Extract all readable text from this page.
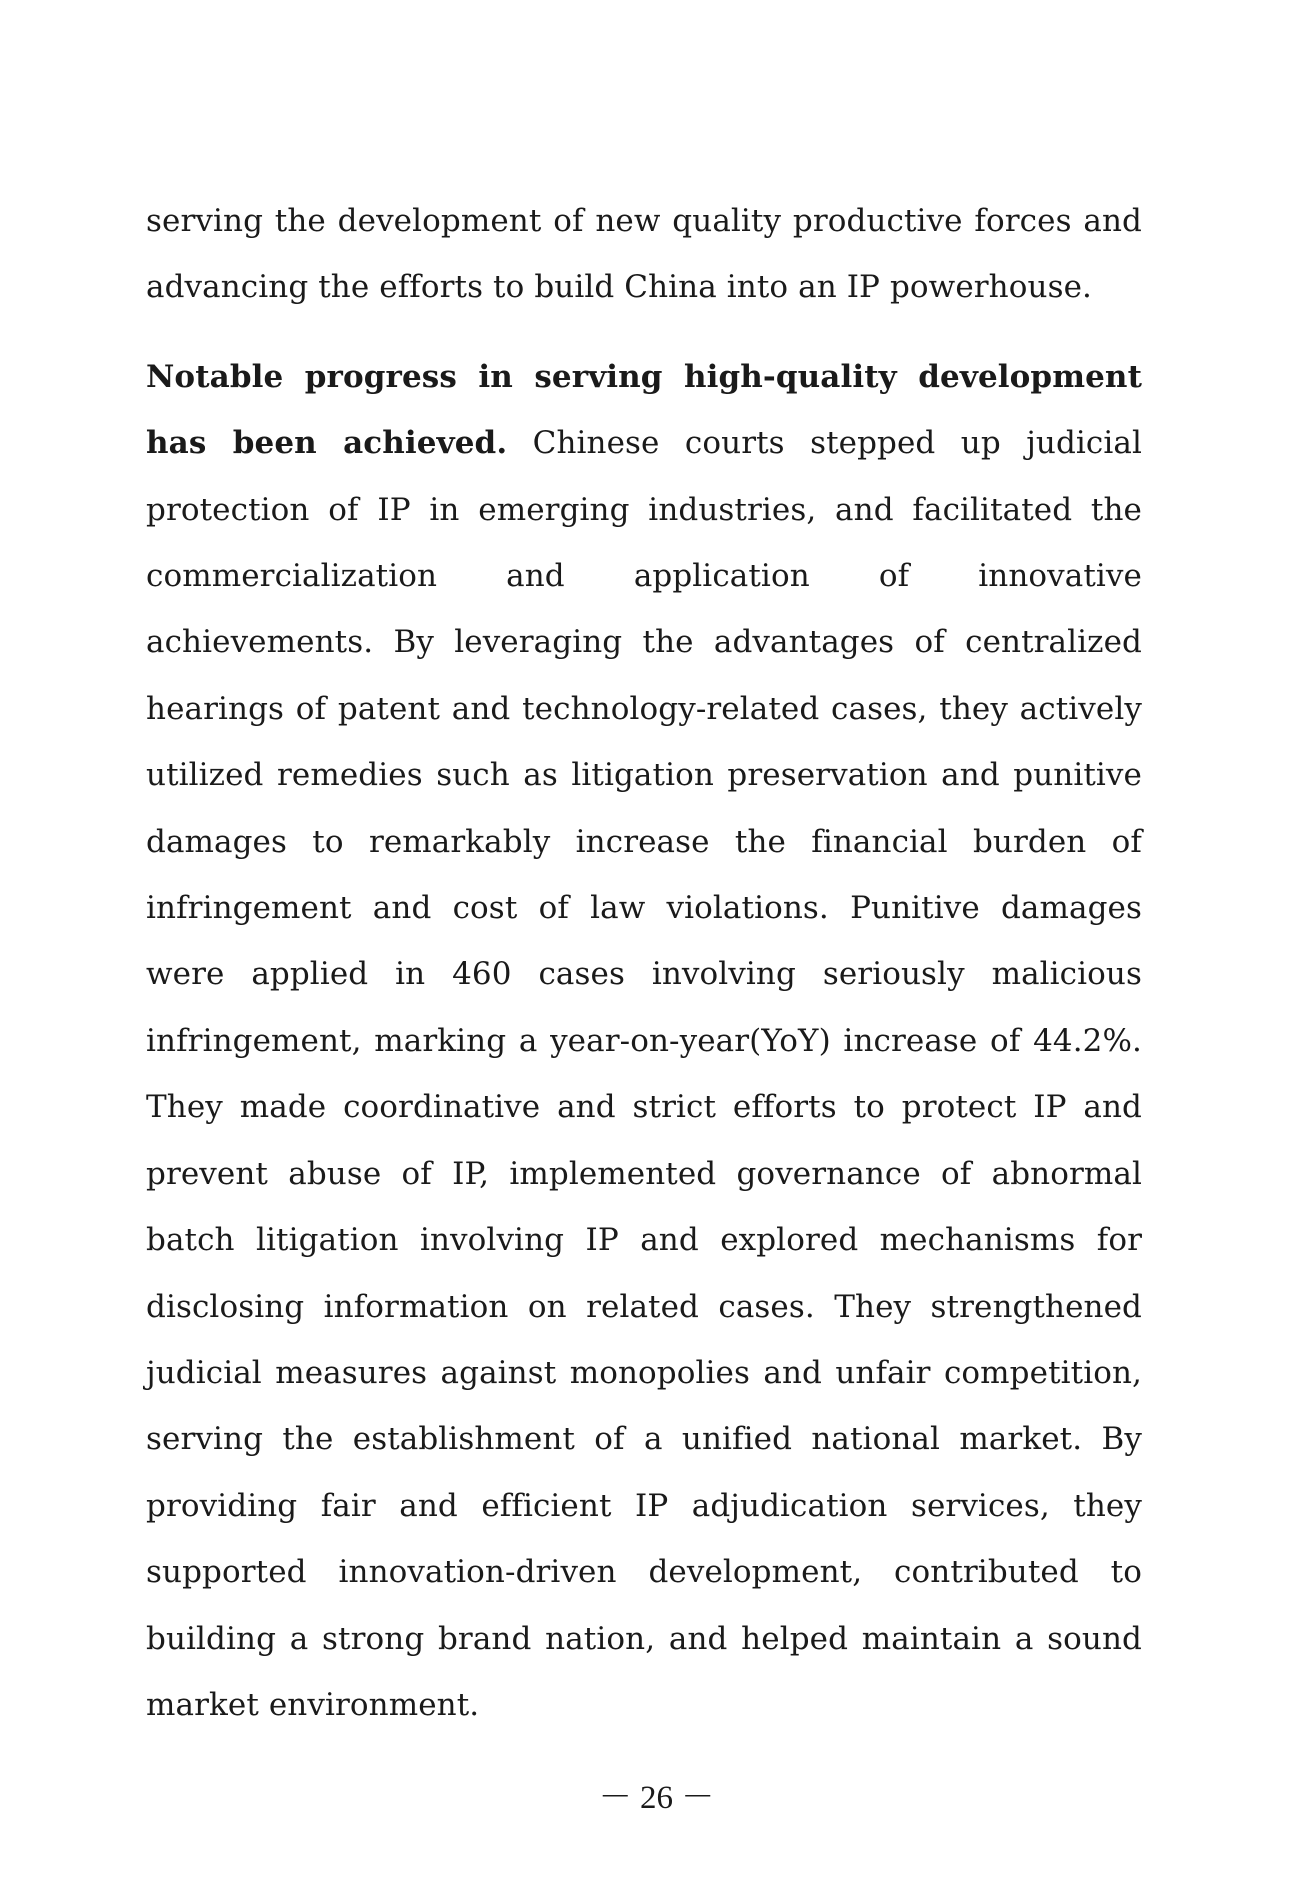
serving the development of new quality productive forces and advancing the efforts to build China into an IP powerhouse.

Notable progress in serving high-quality development has been achieved. Chinese courts stepped up judicial protection of IP in emerging industries, and facilitated the commercialization and application of innovative achievements. By leveraging the advantages of centralized hearings of patent and technology-related cases, they actively utilized remedies such as litigation preservation and punitive damages to remarkably increase the financial burden of infringement and cost of law violations. Punitive damages were applied in 460 cases involving seriously malicious infringement, marking a year-on-year(YoY) increase of 44.2%. They made coordinative and strict efforts to protect IP and prevent abuse of IP, implemented governance of abnormal batch litigation involving IP and explored mechanisms for disclosing information on related cases. They strengthened judicial measures against monopolies and unfair competition, serving the establishment of a unified national market. By providing fair and efficient IP adjudication services, they supported innovation-driven development, contributed to building a strong brand nation, and helped maintain a sound market environment.

－ 26 －
